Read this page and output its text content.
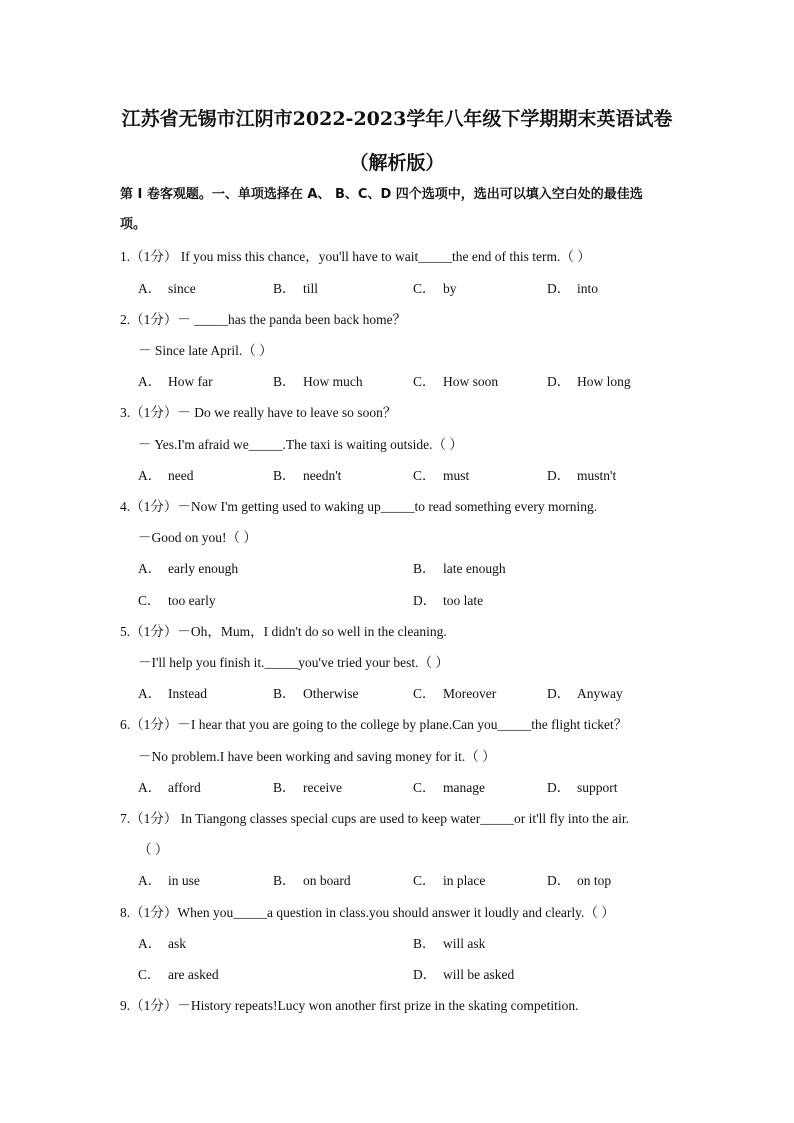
江苏省无锡市江阴市2022-2023学年八年级下学期期末英语试卷
（解析版）
第 I 卷客观题。一、单项选择在 A、 B、C、D 四个选项中，选出可以填入空白处的最佳选
项。
1.（1分） If you miss this chance，you'll have to wait_____the end of this term.（ ）
A． since	B． till	C． by	D． into
2.（1分）－ _____has the panda been back home？
－ Since late April.（ ）
A． How far	B． How much	C． How soon	D． How long
3.（1分）－ Do we really have to leave so soon？
－ Yes.I'm afraid we_____.The taxi is waiting outside.（ ）
A． need	B． needn't	C． must	D． mustn't
4.（1分）－Now I'm getting used to waking up_____to read something every morning.
－Good on you!（ ）
A． early enough	B． late enough
C． too early	D． too late
5.（1分）－Oh，Mum，I didn't do so well in the cleaning.
－I'll help you finish it._____you've tried your best.（ ）
A． Instead	B． Otherwise	C． Moreover	D． Anyway
6.（1分）－I hear that you are going to the college by plane.Can you_____the flight ticket？
－No problem.I have been working and saving money for it.（ ）
A． afford	B． receive	C． manage	D． support
7.（1分） In Tiangong classes special cups are used to keep water_____or it'll fly into the air.
（ ）
A． in use	B． on board	C． in place	D． on top
8.（1分）When you_____a question in class.you should answer it loudly and clearly.（ ）
A． ask	B． will ask
C． are asked	D． will be asked
9.（1分）－History repeats!Lucy won another first prize in the skating competition.
